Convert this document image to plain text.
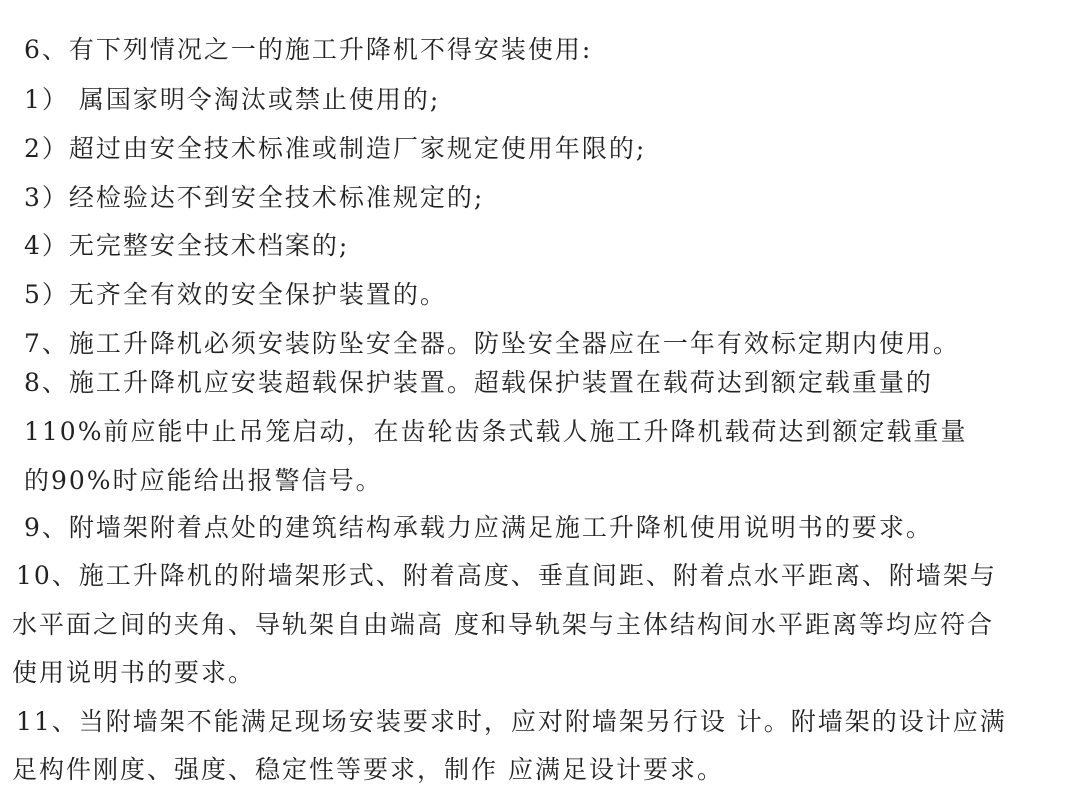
6、有下列情况之一的施工升降机不得安装使用:
1） 属国家明令淘汰或禁止使用的;
2）超过由安全技术标准或制造厂家规定使用年限的;
3）经检验达不到安全技术标准规定的;
4）无完整安全技术档案的;
5）无齐全有效的安全保护装置的。
7、施工升降机必须安装防坠安全器。防坠安全器应在一年有效标定期内使用。
8、施工升降机应安装超载保护装置。超载保护装置在载荷达到额定载重量的
110%前应能中止吊笼启动，在齿轮齿条式载人施工升降机载荷达到额定载重量
的90%时应能给出报警信号。
9、附墙架附着点处的建筑结构承载力应满足施工升降机使用说明书的要求。
10、施工升降机的附墙架形式、附着高度、垂直间距、附着点水平距离、附墙架与
水平面之间的夹角、导轨架自由端高 度和导轨架与主体结构间水平距离等均应符合
使用说明书的要求。
11、当附墙架不能满足现场安装要求时，应对附墙架另行设 计。附墙架的设计应满
足构件刚度、强度、稳定性等要求，制作 应满足设计要求。
